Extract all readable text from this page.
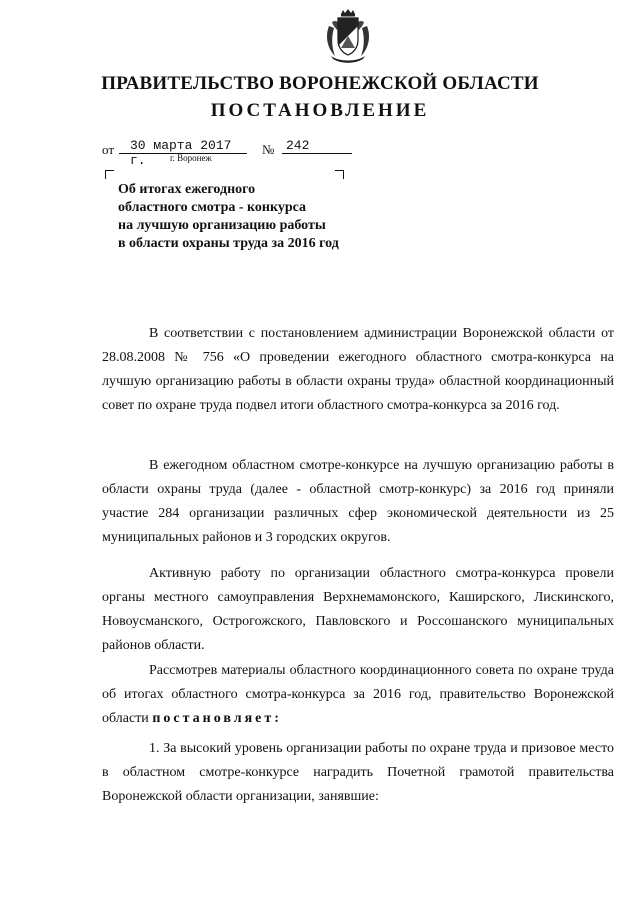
ПРАВИТЕЛЬСТВО ВОРОНЕЖСКОЙ ОБЛАСТИ
ПОСТАНОВЛЕНИЕ
от	30 марта 2017 г.
№ 242
г. Воронеж
Об итогах ежегодного
областного смотра - конкурса
на лучшую организацию работы
в области охраны труда за 2016 год

В соответствии с постановлением администрации Воронежской области от 28.08.2008 № 756 «О проведении ежегодного областного смотра-конкурса на лучшую организацию работы в области охраны труда» областной координационный совет по охране труда подвел итоги областного смотра-конкурса за 2016 год.

В ежегодном областном смотре-конкурсе на лучшую организацию работы в области охраны труда (далее - областной смотр-конкурс) за 2016 год приняли участие 284 организации различных сфер экономической деятельности из 25 муниципальных районов и 3 городских округов.

Активную работу по организации областного смотра-конкурса провели органы местного самоуправления Верхнемамонского, Каширского, Лискинского, Новоусманского, Острогожского, Павловского и Россошанского муниципальных районов области.

Рассмотрев материалы областного координационного совета по охране труда об итогах областного смотра-конкурса за 2016 год, правительство Воронежской области постановляет:

1. За высокий уровень организации работы по охране труда и призовое место в областном смотре-конкурсе наградить Почетной грамотой правительства Воронежской области организации, занявшие:
